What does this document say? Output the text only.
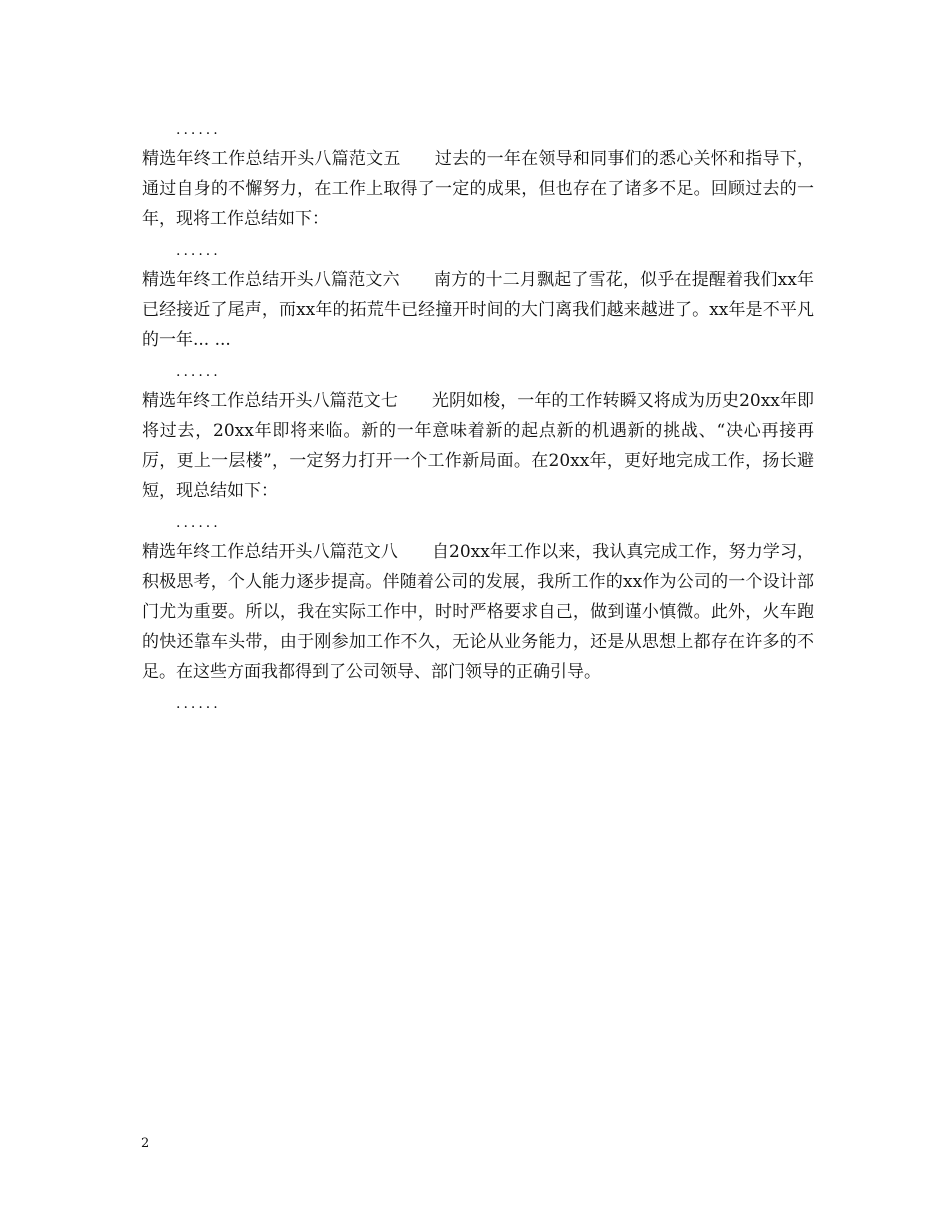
......

精选年终工作总结开头八篇范文五 过去的一年在领导和同事们的悉心关怀和指导下，通过自身的不懈努力，在工作上取得了一定的成果，但也存在了诸多不足。回顾过去的一年，现将工作总结如下：

......

精选年终工作总结开头八篇范文六 南方的十二月飘起了雪花，似乎在提醒着我们xx年已经接近了尾声，而xx年的拓荒牛已经撞开时间的大门离我们越来越进了。xx年是不平凡的一年... ...

......

精选年终工作总结开头八篇范文七 光阴如梭，一年的工作转瞬又将成为历史20xx年即将过去，20xx年即将来临。新的一年意味着新的起点新的机遇新的挑战、“决心再接再厉，更上一层楼”，一定努力打开一个工作新局面。在20xx年，更好地完成工作，扬长避短，现总结如下：

......

精选年终工作总结开头八篇范文八 自20xx年工作以来，我认真完成工作，努力学习，积极思考，个人能力逐步提高。伴随着公司的发展，我所工作的xx作为公司的一个设计部门尤为重要。所以，我在实际工作中，时时严格要求自己，做到谨小慎微。此外，火车跑的快还靠车头带，由于刚参加工作不久，无论从业务能力，还是从思想上都存在许多的不足。在这些方面我都得到了公司领导、部门领导的正确引导。

......
2
